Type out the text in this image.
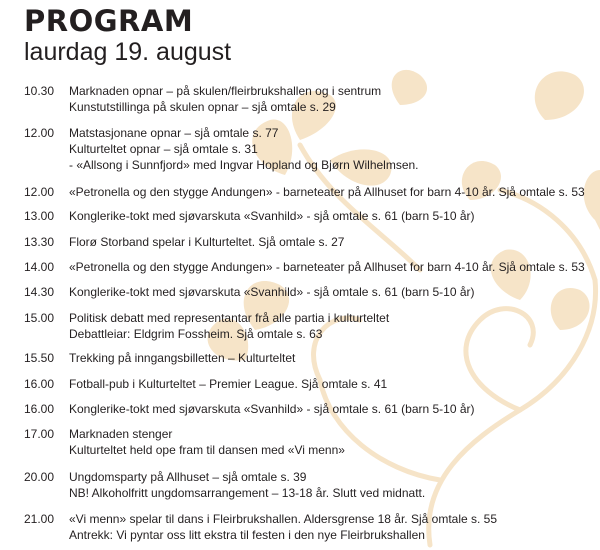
PROGRAM
laurdag 19. august
10.30 Marknaden opnar – på skulen/fleirbrukshallen og i sentrum
Kunstutstillinga på skulen opnar – sjå omtale s. 29
12.00 Matstasjonane opnar – sjå omtale s. 77
Kulturteltet opnar – sjå omtale s. 31
- «Allsong i Sunnfjord» med Ingvar Hopland og Bjørn Wilhelmsen.
12.00 «Petronella og den stygge Andungen» - barneteater på Allhuset for barn 4-10 år. Sjå omtale s. 53
13.00 Konglerike-tokt med sjøvarskuta «Svanhild» - sjå omtale s. 61 (barn 5-10 år)
13.30 Florø Storband spelar i Kulturteltet. Sjå omtale s. 27
14.00 «Petronella og den stygge Andungen» - barneteater på Allhuset for barn 4-10 år. Sjå omtale s. 53
14.30 Konglerike-tokt med sjøvarskuta «Svanhild» - sjå omtale s. 61 (barn 5-10 år)
15.00 Politisk debatt med representantar frå alle partia i kulturteltet
Debattleiar: Eldgrim Fossheim. Sjå omtale s. 63
15.50 Trekking på inngangsbilletten – Kulturteltet
16.00 Fotball-pub i Kulturteltet – Premier League. Sjå omtale s. 41
16.00 Konglerike-tokt med sjøvarskuta «Svanhild» - sjå omtale s. 61 (barn 5-10 år)
17.00 Marknaden stenger
Kulturteltet held ope fram til dansen med «Vi menn»
20.00 Ungdomsparty på Allhuset – sjå omtale s. 39
NB! Alkoholfritt ungdomsarrangement – 13-18 år. Slutt ved midnatt.
21.00 «Vi menn» spelar til dans i Fleirbrukshallen. Aldersgrense 18 år. Sjå omtale s. 55
Antrekk: Vi pyntar oss litt ekstra til festen i den nye Fleirbrukshallen
